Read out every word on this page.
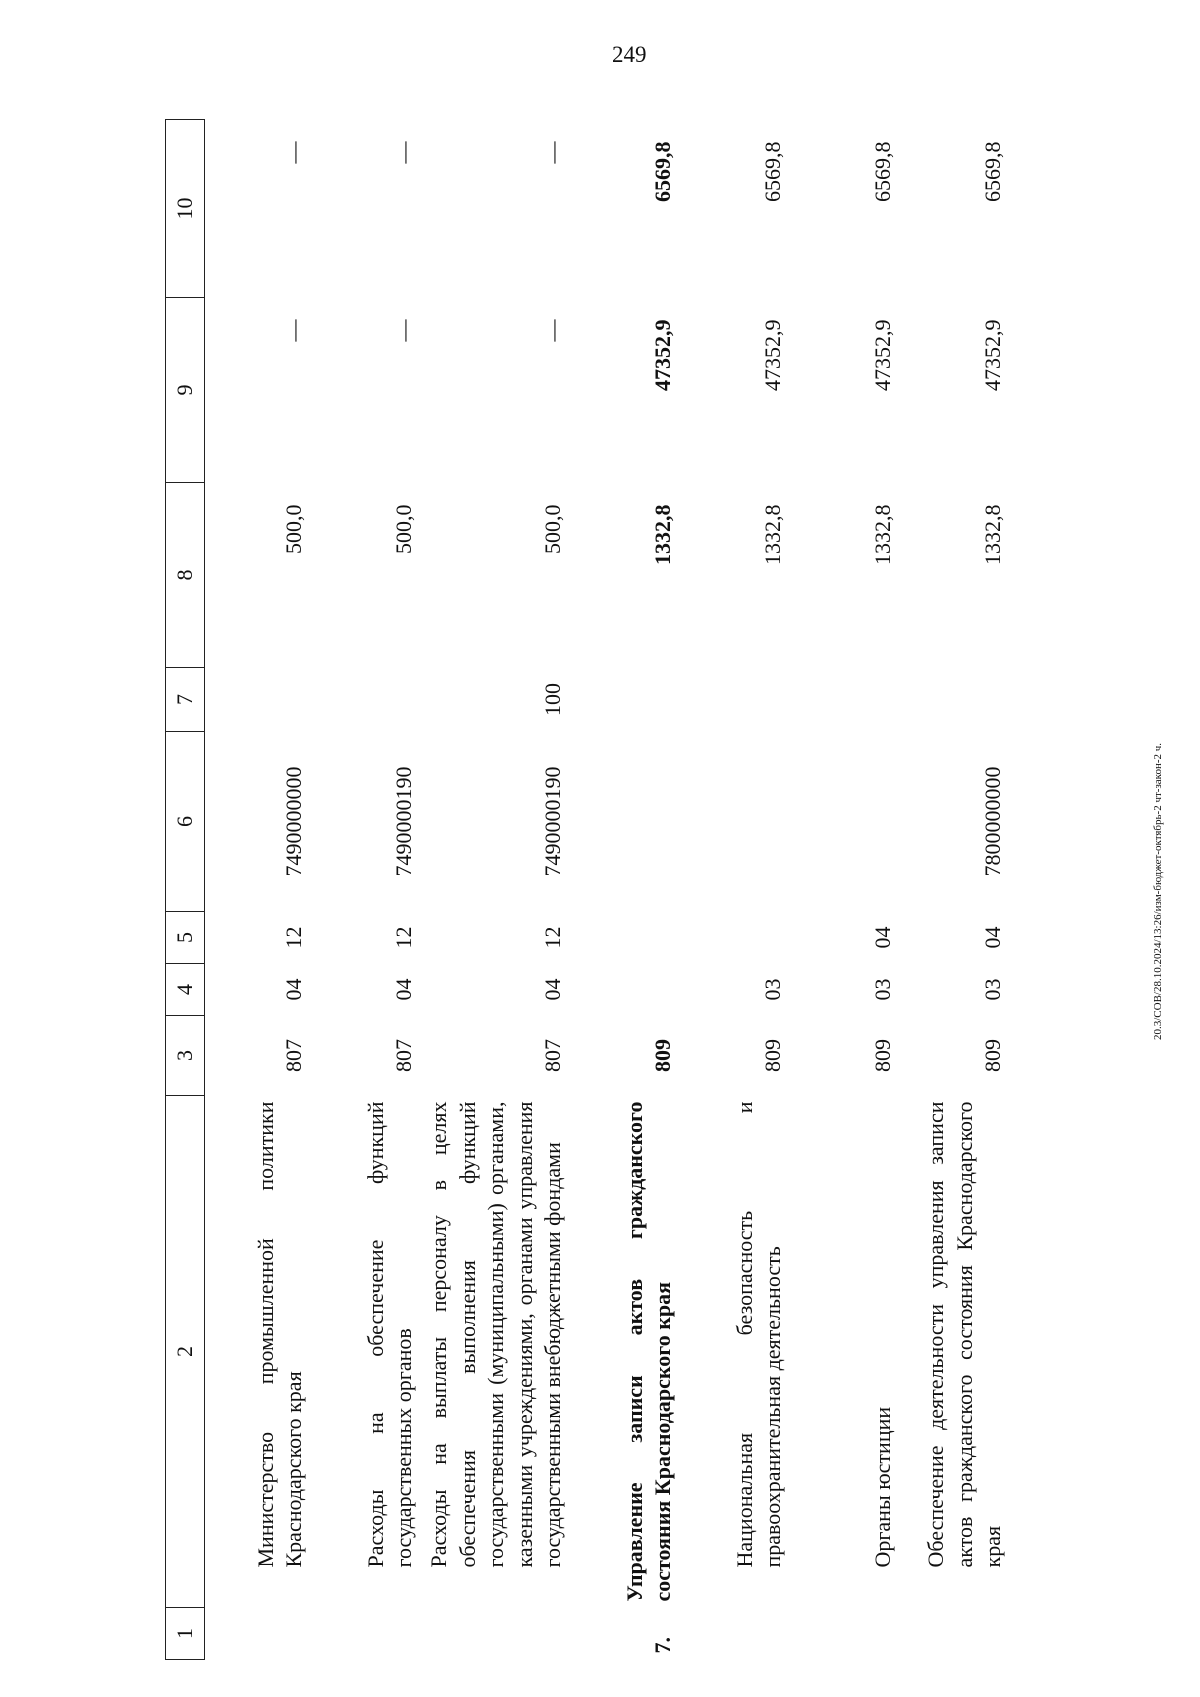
249
20.3/СОВ/28.10.2024/13:26/изм-бюджет-октябрь-2 чт-закон-2 ч.
1	2	3	4	5	6	7	8	9	10
	Министерство промышленной политики Краснодарского края	807	04	12	7490000000		500,0	—	—
	Расходы на обеспечение функций государственных органов	807	04	12	7490000190		500,0	—	—
	Расходы на выплаты персоналу в целях обеспечения выполнения функций государственными (муниципальными) органами, казенными учреждениями, органами управления государственными внебюджетными фондами	807	04	12	7490000190	100	500,0	—	—
7.	Управление записи актов гражданского состояния Краснодарского края	809					1332,8	47352,9	6569,8
	Национальная безопасность и правоохранительная деятельность	809	03				1332,8	47352,9	6569,8
	Органы юстиции	809	03	04			1332,8	47352,9	6569,8
	Обеспечение деятельности управления записи актов гражданского состояния Краснодарского края	809	03	04	7800000000		1332,8	47352,9	6569,8
